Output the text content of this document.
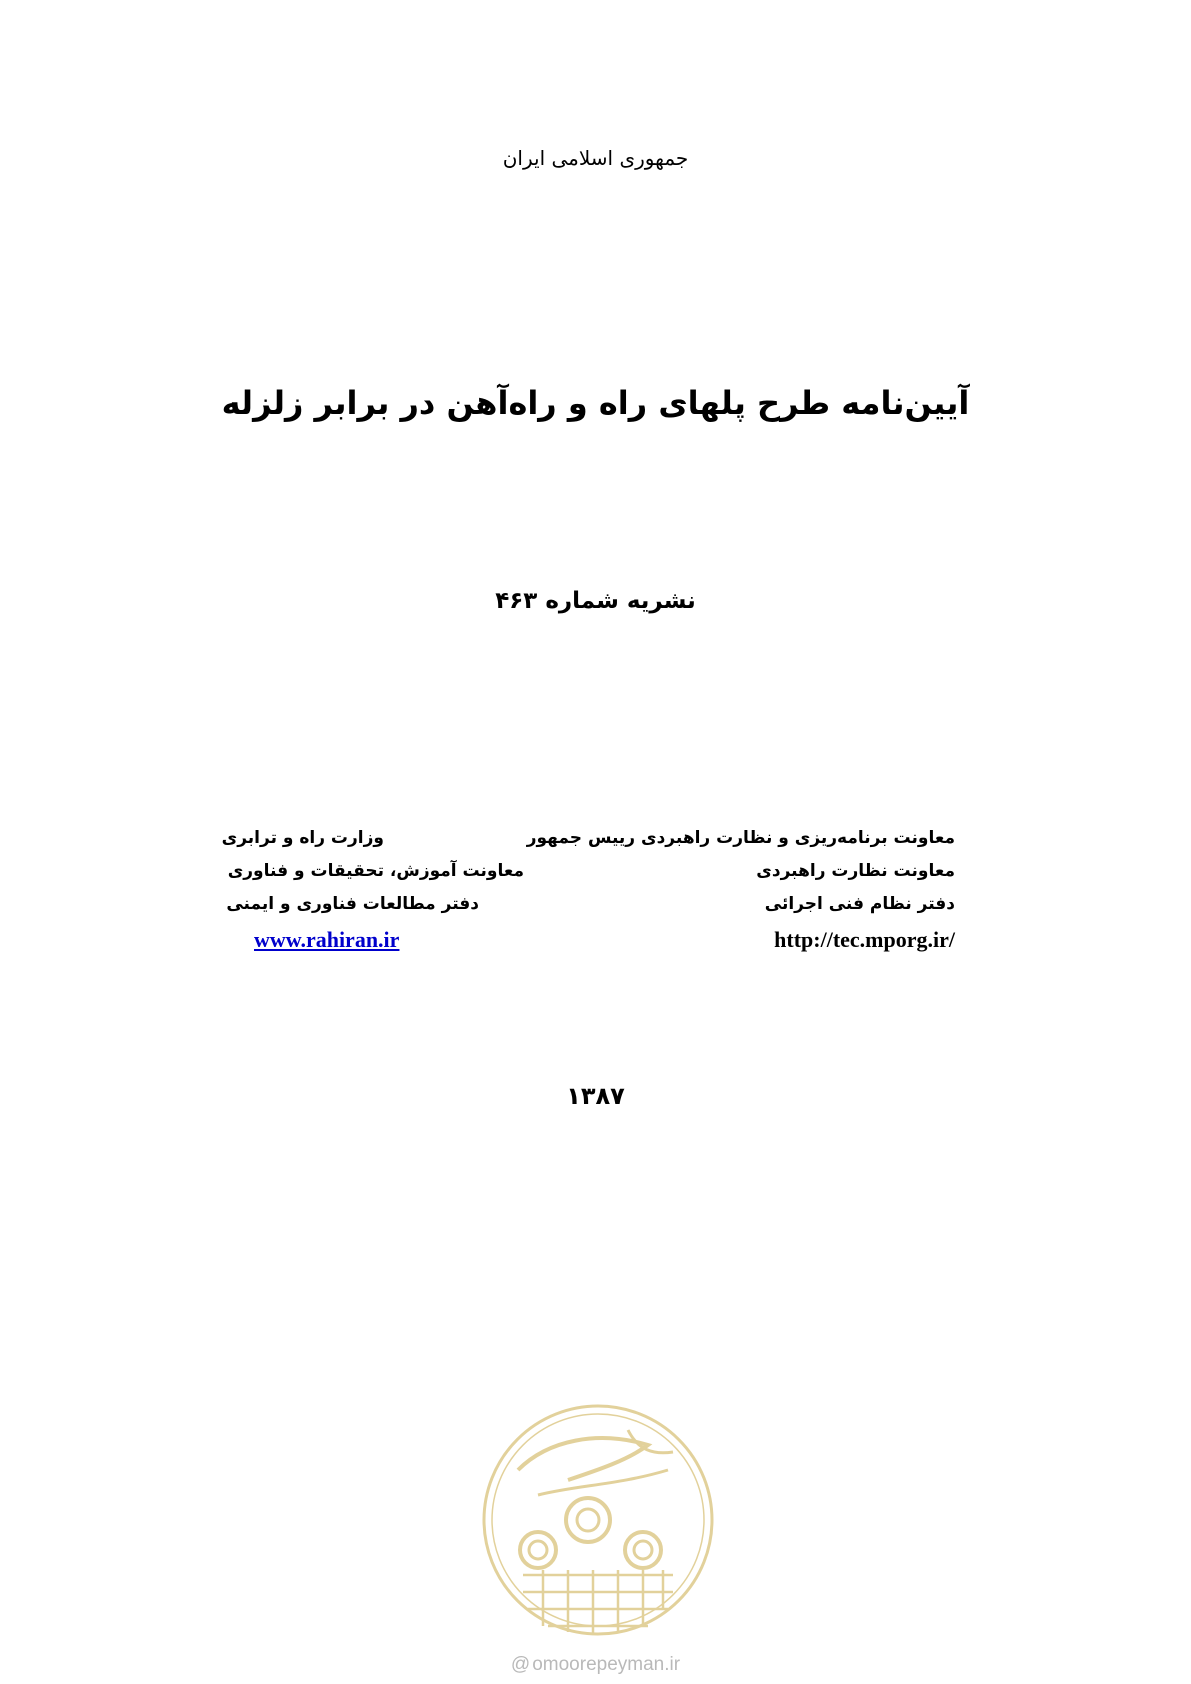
جمهوری اسلامی ایران
آیین‌نامه طرح پلهای راه و راه‌آهن در برابر زلزله
نشریه شماره ۴۶۳
معاونت برنامه‌ریزی و نظارت راهبردی رییس جمهور
معاونت نظارت راهبردی
دفتر نظام فنی اجرائی
http://tec.mporg.ir/
وزارت راه و ترابری
معاونت آموزش، تحقیقات و فناوری
دفتر مطالعات فناوری و ایمنی
www.rahiran.ir
۱۳۸۷
@ omoorepeyman.ir
